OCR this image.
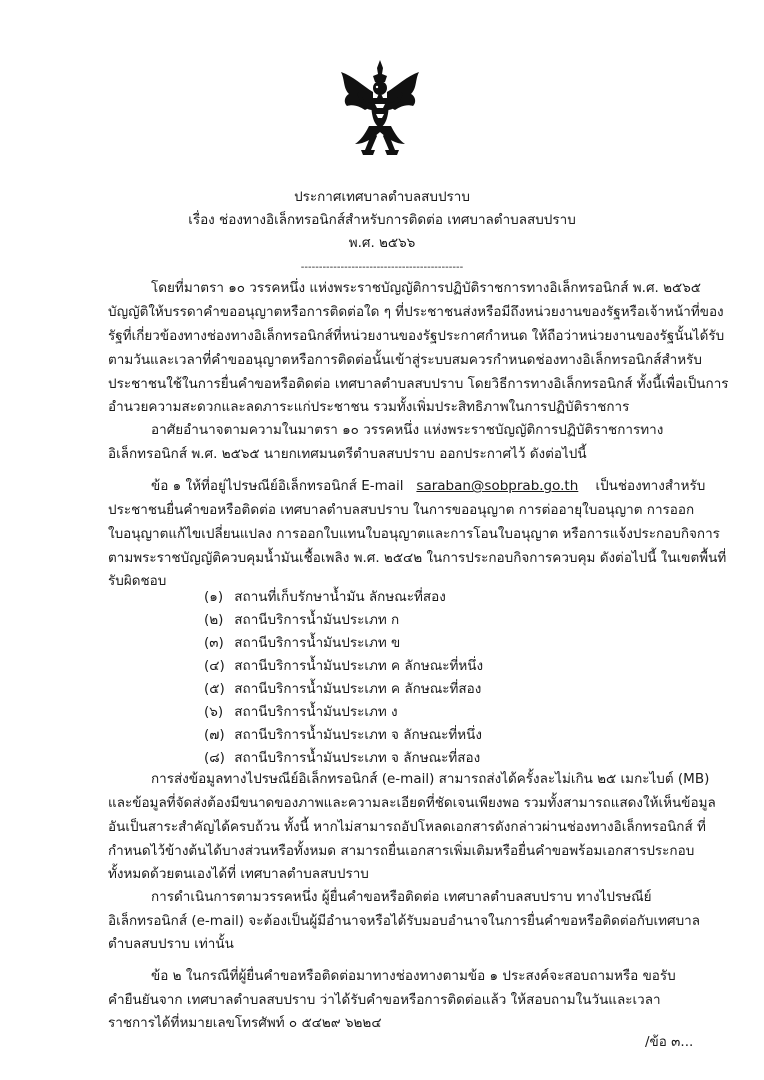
ประกาศเทศบาลตำบลสบปราบ
เรื่อง ช่องทางอิเล็กทรอนิกส์สำหรับการติดต่อ เทศบาลตำบลสบปราบ
พ.ศ. ๒๕๖๖
---------------------------------------------
โดยที่มาตรา ๑๐ วรรคหนึ่ง แห่งพระราชบัญญัติการปฏิบัติราชการทางอิเล็กทรอนิกส์ พ.ศ. ๒๕๖๕
บัญญัติให้บรรดาคำขออนุญาตหรือการติดต่อใด ๆ ที่ประชาชนส่งหรือมีถึงหน่วยงานของรัฐหรือเจ้าหน้าที่ของ
รัฐที่เกี่ยวข้องทางช่องทางอิเล็กทรอนิกส์ที่หน่วยงานของรัฐประกาศกำหนด ให้ถือว่าหน่วยงานของรัฐนั้นได้รับ
ตามวันและเวลาที่คำขออนุญาตหรือการติดต่อนั้นเข้าสู่ระบบสมควรกำหนดช่องทางอิเล็กทรอนิกส์สำหรับ
ประชาชนใช้ในการยื่นคำขอหรือติดต่อ เทศบาลตำบลสบปราบ โดยวิธีการทางอิเล็กทรอนิกส์ ทั้งนี้เพื่อเป็นการ
อำนวยความสะดวกและลดภาระแก่ประชาชน รวมทั้งเพิ่มประสิทธิภาพในการปฏิบัติราชการ
อาศัยอำนาจตามความในมาตรา ๑๐ วรรคหนึ่ง แห่งพระราชบัญญัติการปฏิบัติราชการทาง
อิเล็กทรอนิกส์ พ.ศ. ๒๕๖๕ นายกเทศมนตรีตำบลสบปราบ ออกประกาศไว้ ดังต่อไปนี้
ข้อ ๑ ให้ที่อยู่ไปรษณีย์อิเล็กทรอนิกส์ E-mail saraban@sobprab.go.th เป็นช่องทางสำหรับ
ประชาชนยื่นคำขอหรือติดต่อ เทศบาลตำบลสบปราบ ในการขออนุญาต การต่ออายุใบอนุญาต การออก
ใบอนุญาตแก้ไขเปลี่ยนแปลง การออกใบแทนใบอนุญาตและการโอนใบอนุญาต หรือการแจ้งประกอบกิจการ
ตามพระราชบัญญัติควบคุมน้ำมันเชื้อเพลิง พ.ศ. ๒๕๔๒ ในการประกอบกิจการควบคุม ดังต่อไปนี้ ในเขตพื้นที่
รับผิดชอบ
(๑) สถานที่เก็บรักษาน้ำมัน ลักษณะที่สอง
(๒) สถานีบริการน้ำมันประเภท ก
(๓) สถานีบริการน้ำมันประเภท ข
(๔) สถานีบริการน้ำมันประเภท ค ลักษณะที่หนึ่ง
(๕) สถานีบริการน้ำมันประเภท ค ลักษณะที่สอง
(๖) สถานีบริการน้ำมันประเภท ง
(๗) สถานีบริการน้ำมันประเภท จ ลักษณะที่หนึ่ง
(๘) สถานีบริการน้ำมันประเภท จ ลักษณะที่สอง
การส่งข้อมูลทางไปรษณีย์อิเล็กทรอนิกส์ (e-mail) สามารถส่งได้ครั้งละไม่เกิน ๒๕ เมกะไบต์ (MB)
และข้อมูลที่จัดส่งต้องมีขนาดของภาพและความละเอียดที่ชัดเจนเพียงพอ รวมทั้งสามารถแสดงให้เห็นข้อมูล
อันเป็นสาระสำคัญได้ครบถ้วน ทั้งนี้ หากไม่สามารถอัปโหลดเอกสารดังกล่าวผ่านช่องทางอิเล็กทรอนิกส์ ที่
กำหนดไว้ข้างต้นได้บางส่วนหรือทั้งหมด สามารถยื่นเอกสารเพิ่มเติมหรือยื่นคำขอพร้อมเอกสารประกอบ
ทั้งหมดด้วยตนเองได้ที่ เทศบาลตำบลสบปราบ
การดำเนินการตามวรรคหนึ่ง ผู้ยื่นคำขอหรือติดต่อ เทศบาลตำบลสบปราบ ทางไปรษณีย์
อิเล็กทรอนิกส์ (e-mail) จะต้องเป็นผู้มีอำนาจหรือได้รับมอบอำนาจในการยื่นคำขอหรือติดต่อกับเทศบาล
ตำบลสบปราบ เท่านั้น
ข้อ ๒ ในกรณีที่ผู้ยื่นคำขอหรือติดต่อมาทางช่องทางตามข้อ ๑ ประสงค์จะสอบถามหรือ ขอรับ
คำยืนยันจาก เทศบาลตำบลสบปราบ ว่าได้รับคำขอหรือการติดต่อแล้ว ให้สอบถามในวันและเวลา
ราชการได้ที่หมายเลขโทรศัพท์ ๐ ๕๔๒๙ ๖๒๒๔
/ข้อ ๓...
